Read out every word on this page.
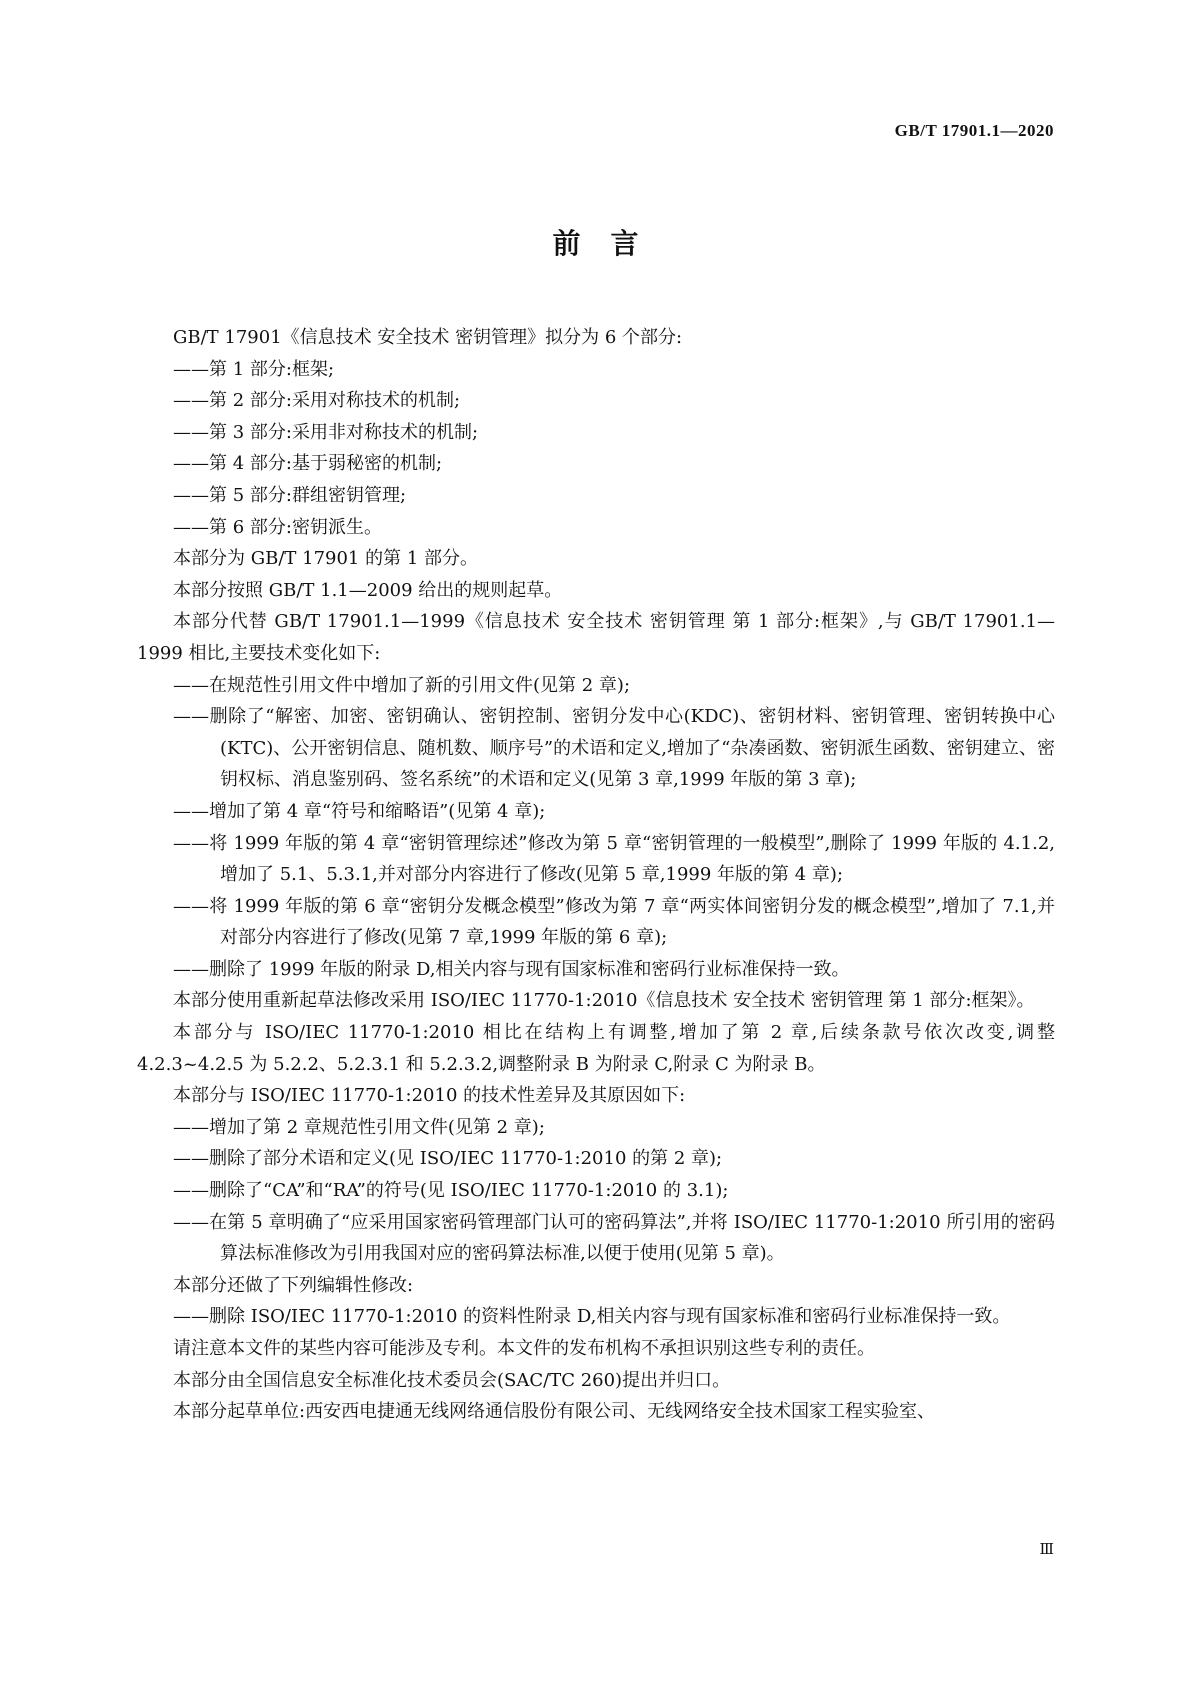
GB/T 17901.1—2020
前言

GB/T 17901《信息技术 安全技术 密钥管理》拟分为 6 个部分:

——第 1 部分:框架;

——第 2 部分:采用对称技术的机制;

——第 3 部分:采用非对称技术的机制;

——第 4 部分:基于弱秘密的机制;

——第 5 部分:群组密钥管理;

——第 6 部分:密钥派生。

本部分为 GB/T 17901 的第 1 部分。

本部分按照 GB/T 1.1—2009 给出的规则起草。

本部分代替 GB/T 17901.1—1999《信息技术 安全技术 密钥管理 第 1 部分:框架》,与 GB/T 17901.1—1999 相比,主要技术变化如下:

——在规范性引用文件中增加了新的引用文件(见第 2 章);

——删除了“解密、加密、密钥确认、密钥控制、密钥分发中心(KDC)、密钥材料、密钥管理、密钥转换中心(KTC)、公开密钥信息、随机数、顺序号”的术语和定义,增加了“杂凑函数、密钥派生函数、密钥建立、密钥权标、消息鉴别码、签名系统”的术语和定义(见第 3 章,1999 年版的第 3 章);

——增加了第 4 章“符号和缩略语”(见第 4 章);

——将 1999 年版的第 4 章“密钥管理综述”修改为第 5 章“密钥管理的一般模型”,删除了 1999 年版的 4.1.2,增加了 5.1、5.3.1,并对部分内容进行了修改(见第 5 章,1999 年版的第 4 章);

——将 1999 年版的第 6 章“密钥分发概念模型”修改为第 7 章“两实体间密钥分发的概念模型”,增加了 7.1,并对部分内容进行了修改(见第 7 章,1999 年版的第 6 章);

——删除了 1999 年版的附录 D,相关内容与现有国家标准和密码行业标准保持一致。

本部分使用重新起草法修改采用 ISO/IEC 11770-1:2010《信息技术 安全技术 密钥管理 第 1 部分:框架》。

本部分与 ISO/IEC 11770-1:2010 相比在结构上有调整,增加了第 2 章,后续条款号依次改变,调整 4.2.3~4.2.5 为 5.2.2、5.2.3.1 和 5.2.3.2,调整附录 B 为附录 C,附录 C 为附录 B。

本部分与 ISO/IEC 11770-1:2010 的技术性差异及其原因如下:

——增加了第 2 章规范性引用文件(见第 2 章);

——删除了部分术语和定义(见 ISO/IEC 11770-1:2010 的第 2 章);

——删除了“CA”和“RA”的符号(见 ISO/IEC 11770-1:2010 的 3.1);

——在第 5 章明确了“应采用国家密码管理部门认可的密码算法”,并将 ISO/IEC 11770-1:2010 所引用的密码算法标准修改为引用我国对应的密码算法标准,以便于使用(见第 5 章)。

本部分还做了下列编辑性修改:

——删除 ISO/IEC 11770-1:2010 的资料性附录 D,相关内容与现有国家标准和密码行业标准保持一致。

请注意本文件的某些内容可能涉及专利。本文件的发布机构不承担识别这些专利的责任。

本部分由全国信息安全标准化技术委员会(SAC/TC 260)提出并归口。

本部分起草单位:西安西电捷通无线网络通信股份有限公司、无线网络安全技术国家工程实验室、

Ⅲ
